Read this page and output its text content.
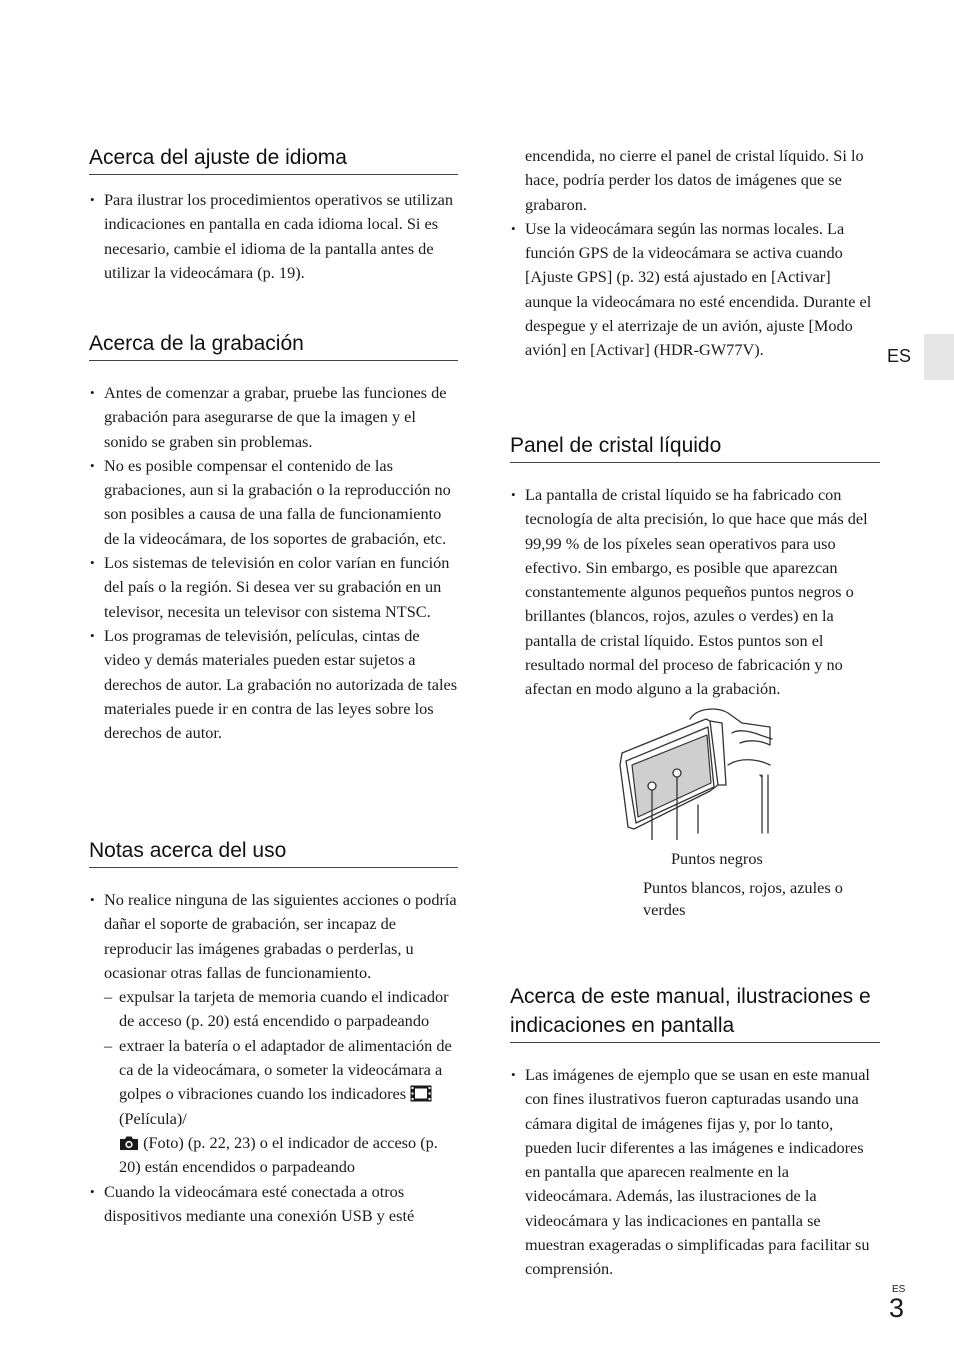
Acerca del ajuste de idioma
• Para ilustrar los procedimientos operativos se utilizan indicaciones en pantalla en cada idioma local. Si es necesario, cambie el idioma de la pantalla antes de utilizar la videocámara (p. 19).
Acerca de la grabación
• Antes de comenzar a grabar, pruebe las funciones de grabación para asegurarse de que la imagen y el sonido se graben sin problemas.
• No es posible compensar el contenido de las grabaciones, aun si la grabación o la reproducción no son posibles a causa de una falla de funcionamiento de la videocámara, de los soportes de grabación, etc.
• Los sistemas de televisión en color varían en función del país o la región. Si desea ver su grabación en un televisor, necesita un televisor con sistema NTSC.
• Los programas de televisión, películas, cintas de video y demás materiales pueden estar sujetos a derechos de autor. La grabación no autorizada de tales materiales puede ir en contra de las leyes sobre los derechos de autor.
Notas acerca del uso
• No realice ninguna de las siguientes acciones o podría dañar el soporte de grabación, ser incapaz de reproducir las imágenes grabadas o perderlas, u ocasionar otras fallas de funcionamiento.
– expulsar la tarjeta de memoria cuando el indicador de acceso (p. 20) está encendido o parpadeando
– extraer la batería o el adaptador de alimentación de ca de la videocámara, o someter la videocámara a golpes o vibraciones cuando los indicadores  (Película)/
(Foto) (p. 22, 23) o el indicador de acceso (p. 20) están encendidos o parpadeando
• Cuando la videocámara esté conectada a otros dispositivos mediante una conexión USB y esté
encendida, no cierre el panel de cristal líquido. Si lo hace, podría perder los datos de imágenes que se grabaron.
• Use la videocámara según las normas locales. La función GPS de la videocámara se activa cuando [Ajuste GPS] (p. 32) está ajustado en [Activar] aunque la videocámara no esté encendida. Durante el despegue y el aterrizaje de un avión, ajuste [Modo avión] en [Activar] (HDR-GW77V).
Panel de cristal líquido
• La pantalla de cristal líquido se ha fabricado con tecnología de alta precisión, lo que hace que más del 99,99 % de los píxeles sean operativos para uso efectivo. Sin embargo, es posible que aparezcan constantemente algunos pequeños puntos negros o brillantes (blancos, rojos, azules o verdes) en la pantalla de cristal líquido. Estos puntos son el resultado normal del proceso de fabricación y no afectan en modo alguno a la grabación.
Acerca de este manual, ilustraciones e indicaciones en pantalla
• Las imágenes de ejemplo que se usan en este manual con fines ilustrativos fueron capturadas usando una cámara digital de imágenes fijas y, por lo tanto, pueden lucir diferentes a las imágenes e indicadores en pantalla que aparecen realmente en la videocámara. Además, las ilustraciones de la videocámara y las indicaciones en pantalla se muestran exageradas o simplificadas para facilitar su comprensión.
Puntos negros
Puntos blancos, rojos, azules o verdes
ES
ES
3
